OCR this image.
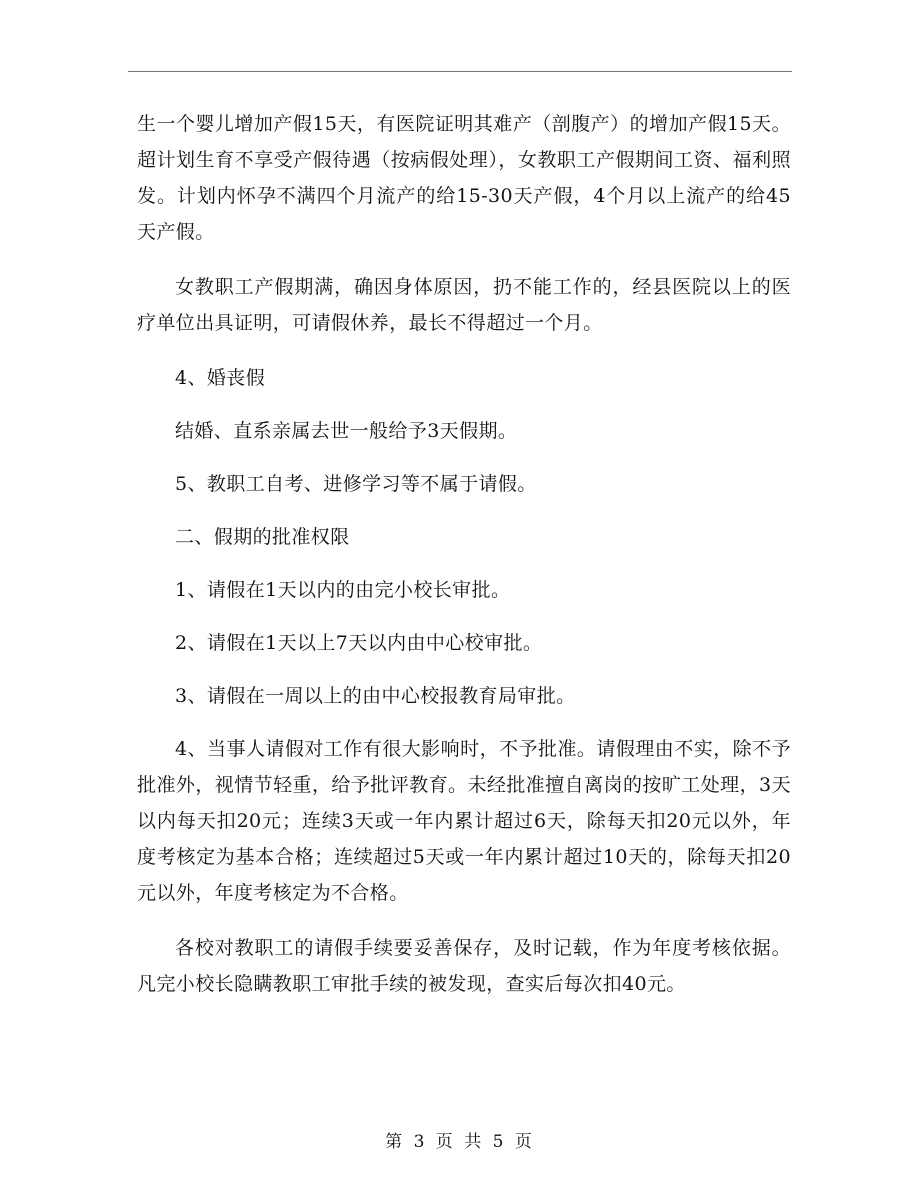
生一个婴儿增加产假15天，有医院证明其难产（剖腹产）的增加产假15天。超计划生育不享受产假待遇（按病假处理），女教职工产假期间工资、福利照发。计划内怀孕不满四个月流产的给15-30天产假，4个月以上流产的给45天产假。

女教职工产假期满，确因身体原因，扔不能工作的，经县医院以上的医疗单位出具证明，可请假休养，最长不得超过一个月。

4、婚丧假

结婚、直系亲属去世一般给予3天假期。

5、教职工自考、进修学习等不属于请假。

二、假期的批准权限

1、请假在1天以内的由完小校长审批。

2、请假在1天以上7天以内由中心校审批。

3、请假在一周以上的由中心校报教育局审批。

4、当事人请假对工作有很大影响时，不予批准。请假理由不实，除不予批准外，视情节轻重，给予批评教育。未经批准擅自离岗的按旷工处理，3天以内每天扣20元；连续3天或一年内累计超过6天，除每天扣20元以外，年度考核定为基本合格；连续超过5天或一年内累计超过10天的，除每天扣20元以外，年度考核定为不合格。

各校对教职工的请假手续要妥善保存，及时记载，作为年度考核依据。凡完小校长隐瞒教职工审批手续的被发现，查实后每次扣40元。

第 3 页 共 5 页
